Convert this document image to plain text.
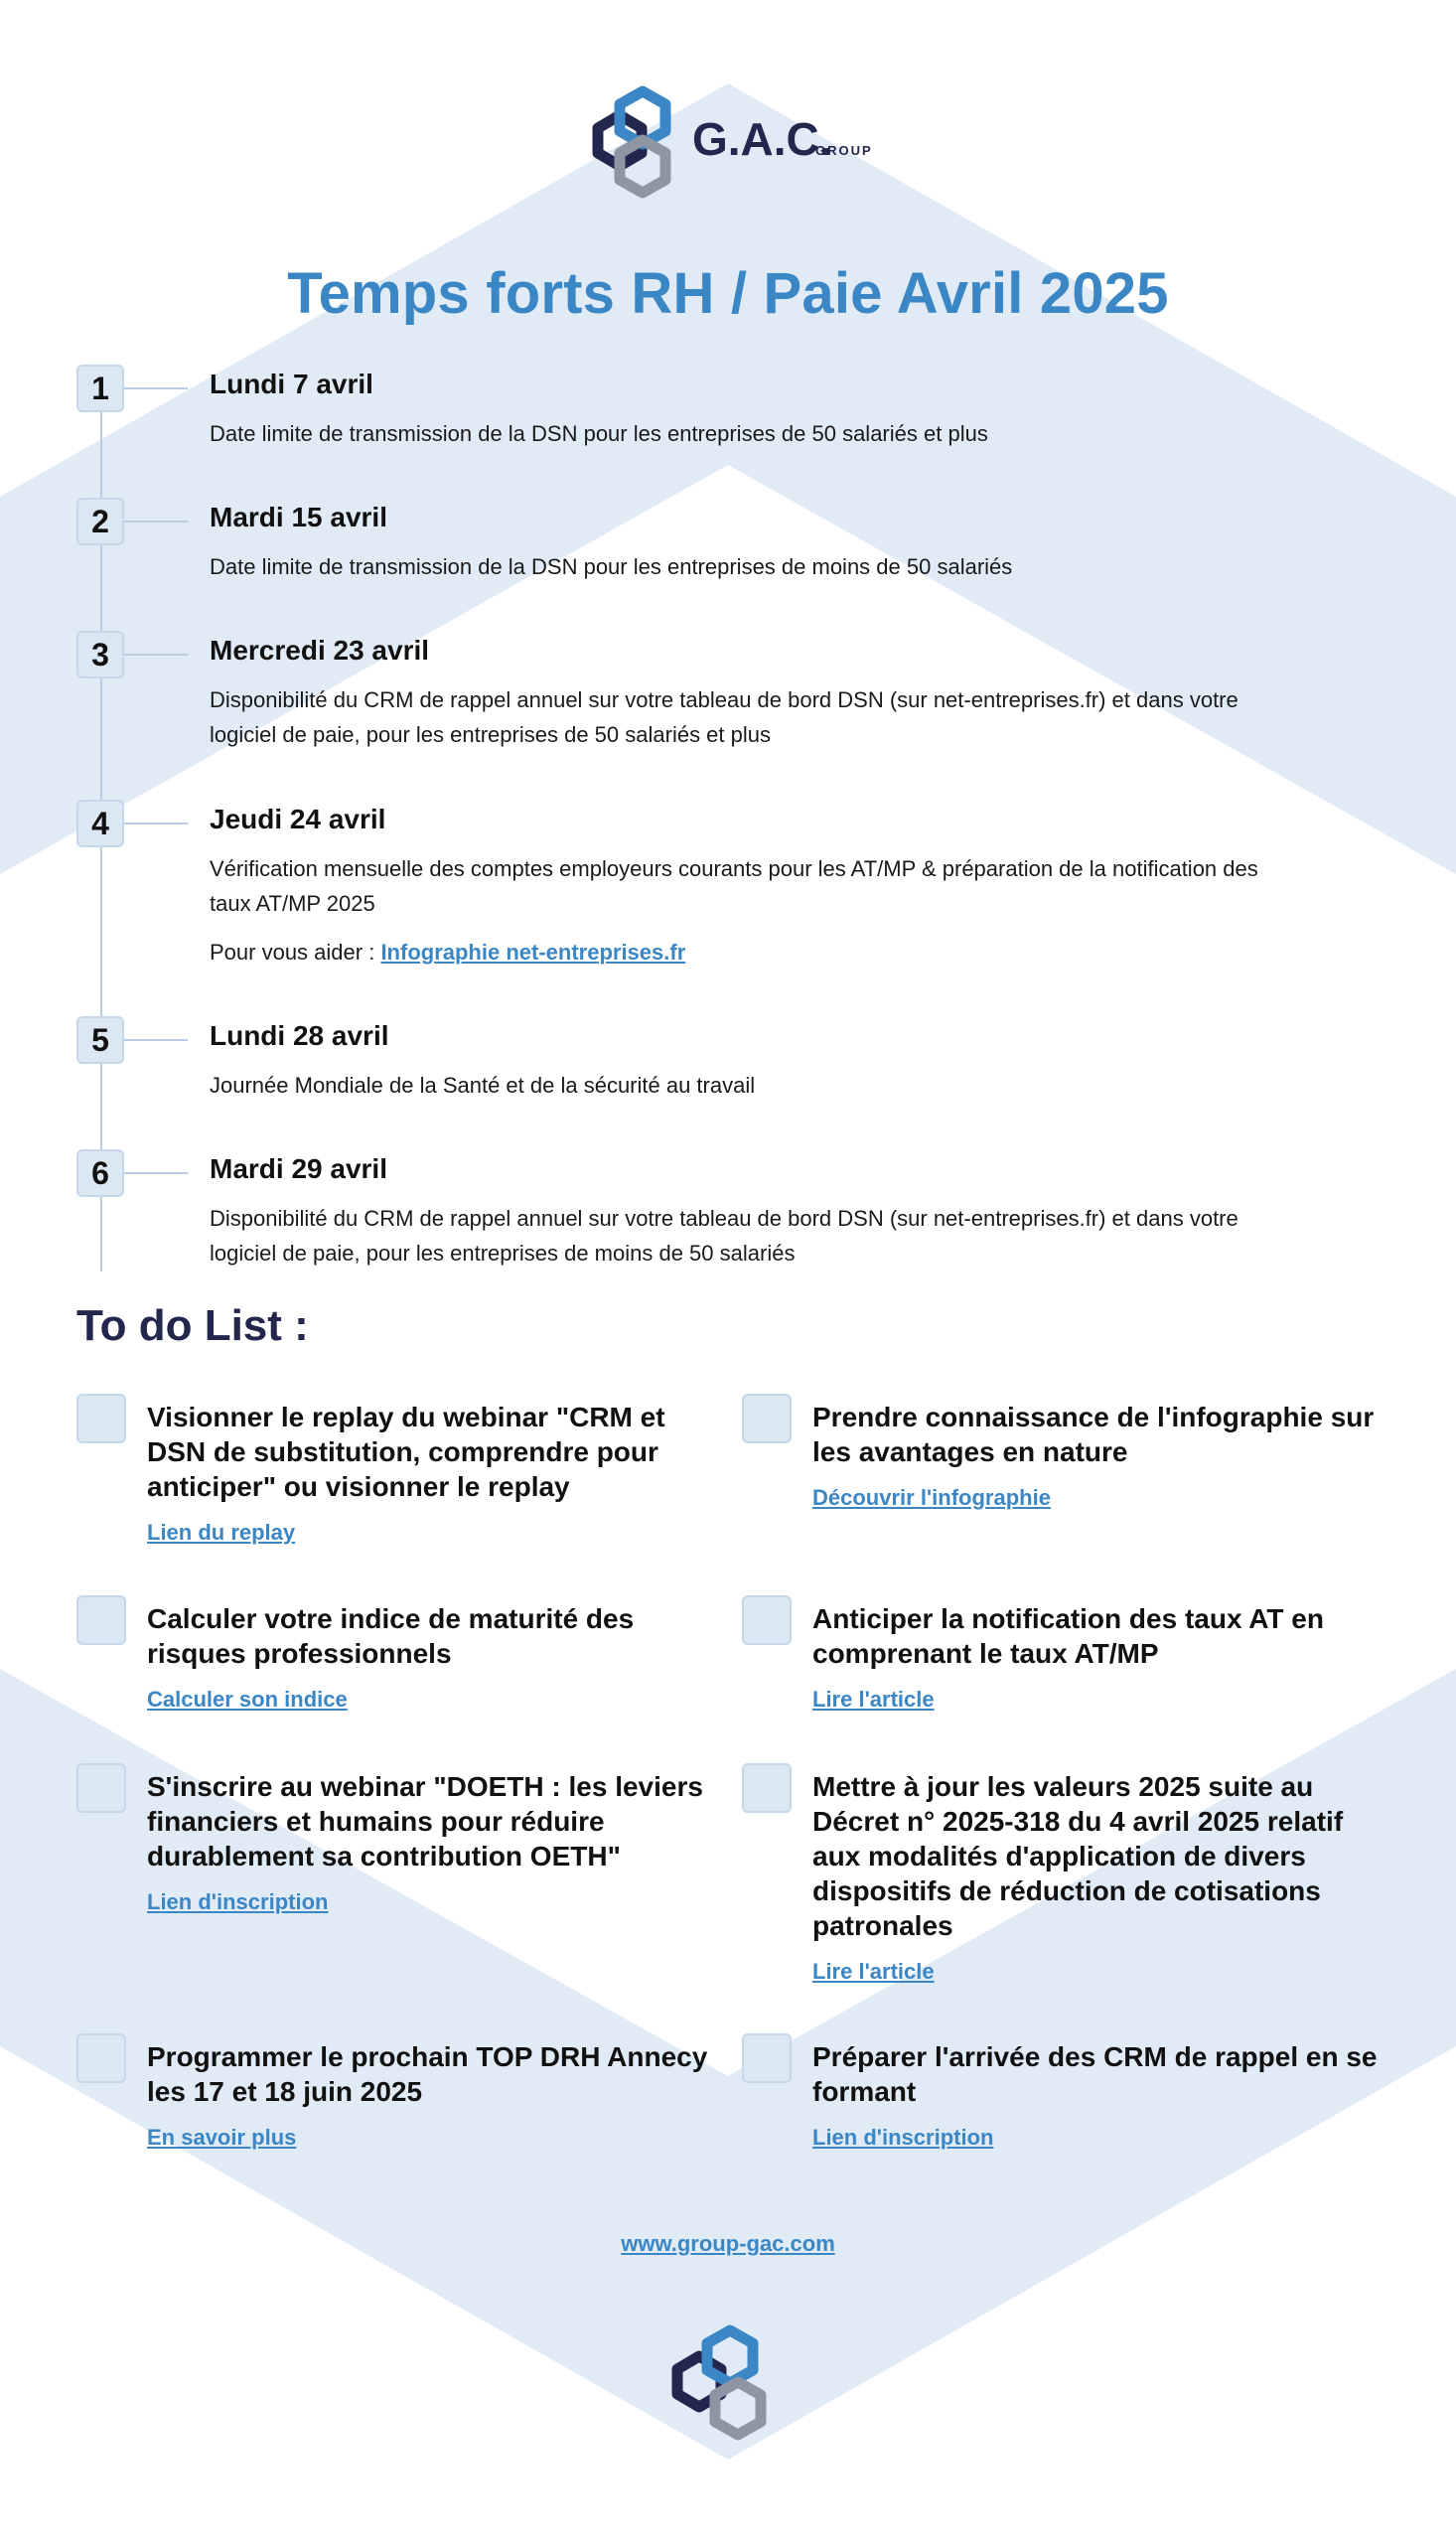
G.A.C.
GROUP
Temps forts RH / Paie Avril 2025
1	Lundi 7 avril
Date limite de transmission de la DSN pour les entreprises de 50 salariés et plus
2	Mardi 15 avril
Date limite de transmission de la DSN pour les entreprises de moins de 50 salariés
3	Mercredi 23 avril
Disponibilité du CRM de rappel annuel sur votre tableau de bord DSN (sur net-entreprises.fr) et dans votre
logiciel de paie, pour les entreprises de 50 salariés et plus
4	Jeudi 24 avril
Vérification mensuelle des comptes employeurs courants pour les AT/MP & préparation de la notification des
taux AT/MP 2025
Pour vous aider : Infographie net-entreprises.fr
5	Lundi 28 avril
Journée Mondiale de la Santé et de la sécurité au travail
6	Mardi 29 avril
Disponibilité du CRM de rappel annuel sur votre tableau de bord DSN (sur net-entreprises.fr) et dans votre
logiciel de paie, pour les entreprises de moins de 50 salariés
To do List :
Visionner le replay du webinar "CRM et
DSN de substitution, comprendre pour
anticiper" ou visionner le replay
Lien du replay
Prendre connaissance de l'infographie sur
les avantages en nature
Découvrir l'infographie
Calculer votre indice de maturité des
risques professionnels
Calculer son indice
Anticiper la notification des taux AT en
comprenant le taux AT/MP
Lire l'article
S'inscrire au webinar "DOETH : les leviers
financiers et humains pour réduire
durablement sa contribution OETH"
Lien d'inscription
Mettre à jour les valeurs 2025 suite au
Décret n° 2025-318 du 4 avril 2025 relatif
aux modalités d'application de divers
dispositifs de réduction de cotisations
patronales
Lire l'article
Programmer le prochain TOP DRH Annecy
les 17 et 18 juin 2025
En savoir plus
Préparer l'arrivée des CRM de rappel en se
formant
Lien d'inscription
www.group-gac.com
